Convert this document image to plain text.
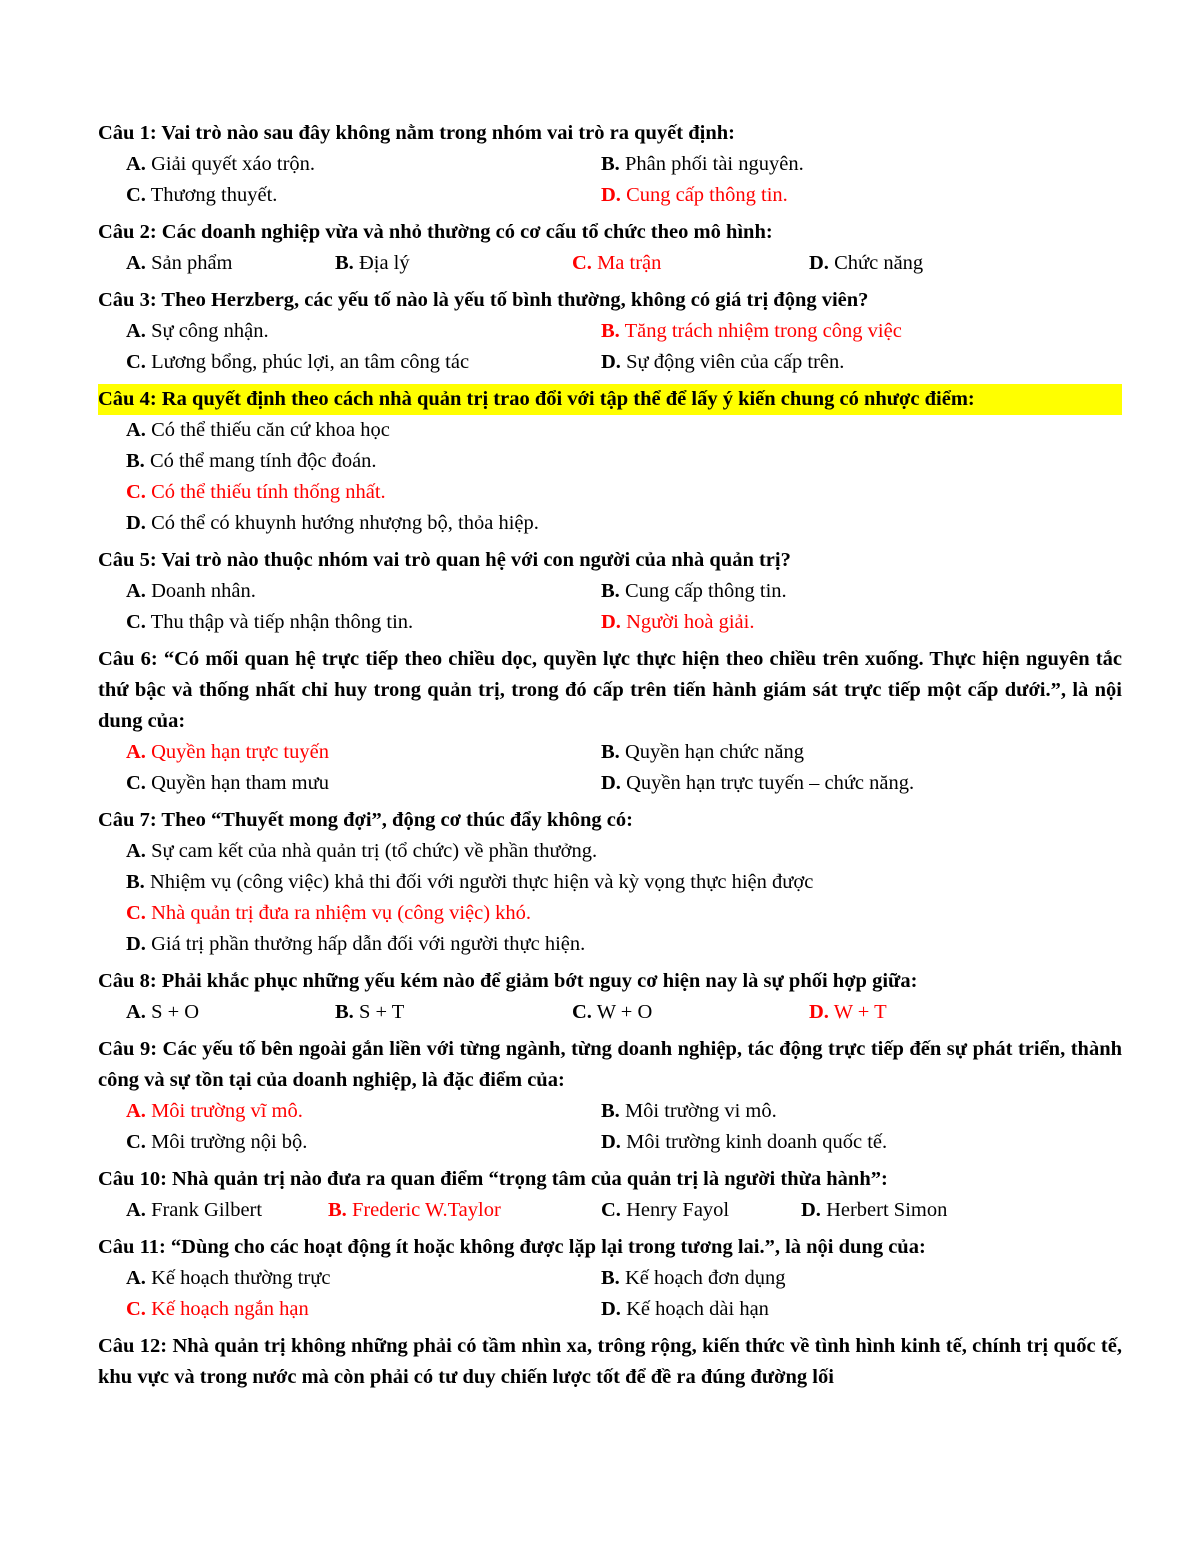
Câu 1: Vai trò nào sau đây không nằm trong nhóm vai trò ra quyết định:

A. Giải quyết xáo trộn.	B. Phân phối tài nguyên.
C. Thương thuyết.	D. Cung cấp thông tin.

Câu 2: Các doanh nghiệp vừa và nhỏ thường có cơ cấu tổ chức theo mô hình:

A. Sản phẩm	B. Địa lý	C. Ma trận	D. Chức năng

Câu 3: Theo Herzberg, các yếu tố nào là yếu tố bình thường, không có giá trị động viên?

A. Sự công nhận.	B. Tăng trách nhiệm trong công việc
C. Lương bổng, phúc lợi, an tâm công tác	D. Sự động viên của cấp trên.

Câu 4: Ra quyết định theo cách nhà quản trị trao đổi với tập thể để lấy ý kiến chung có nhược điểm:

A. Có thể thiếu căn cứ khoa học
B. Có thể mang tính độc đoán.
C. Có thể thiếu tính thống nhất.
D. Có thể có khuynh hướng nhượng bộ, thỏa hiệp.

Câu 5: Vai trò nào thuộc nhóm vai trò quan hệ với con người của nhà quản trị?

A. Doanh nhân.	B. Cung cấp thông tin.
C. Thu thập và tiếp nhận thông tin.	D. Người hoà giải.

Câu 6: “Có mối quan hệ trực tiếp theo chiều dọc, quyền lực thực hiện theo chiều trên xuống. Thực hiện nguyên tắc thứ bậc và thống nhất chỉ huy trong quản trị, trong đó cấp trên tiến hành giám sát trực tiếp một cấp dưới.”, là nội dung của:

A. Quyền hạn trực tuyến	B. Quyền hạn chức năng
C. Quyền hạn tham mưu	D. Quyền hạn trực tuyến – chức năng.

Câu 7: Theo “Thuyết mong đợi”, động cơ thúc đẩy không có:

A. Sự cam kết của nhà quản trị (tổ chức) về phần thưởng.
B. Nhiệm vụ (công việc) khả thi đối với người thực hiện và kỳ vọng thực hiện được
C. Nhà quản trị đưa ra nhiệm vụ (công việc) khó.
D. Giá trị phần thưởng hấp dẫn đối với người thực hiện.

Câu 8: Phải khắc phục những yếu kém nào để giảm bớt nguy cơ hiện nay là sự phối hợp giữa:

A. S + O	B. S + T	C. W + O	D. W + T

Câu 9: Các yếu tố bên ngoài gắn liền với từng ngành, từng doanh nghiệp, tác động trực tiếp đến sự phát triển, thành công và sự tồn tại của doanh nghiệp, là đặc điểm của:

A. Môi trường vĩ mô.	B. Môi trường vi mô.
C. Môi trường nội bộ.	D. Môi trường kinh doanh quốc tế.

Câu 10: Nhà quản trị nào đưa ra quan điểm “trọng tâm của quản trị là người thừa hành”:

A. Frank Gilbert	B. Frederic W.Taylor	C. Henry Fayol	D. Herbert Simon

Câu 11: “Dùng cho các hoạt động ít hoặc không được lặp lại trong tương lai.”, là nội dung của:

A. Kế hoạch thường trực	B. Kế hoạch đơn dụng
C. Kế hoạch ngắn hạn	D. Kế hoạch dài hạn

Câu 12: Nhà quản trị không những phải có tầm nhìn xa, trông rộng, kiến thức về tình hình kinh tế, chính trị quốc tế, khu vực và trong nước mà còn phải có tư duy chiến lược tốt để đề ra đúng đường lối
